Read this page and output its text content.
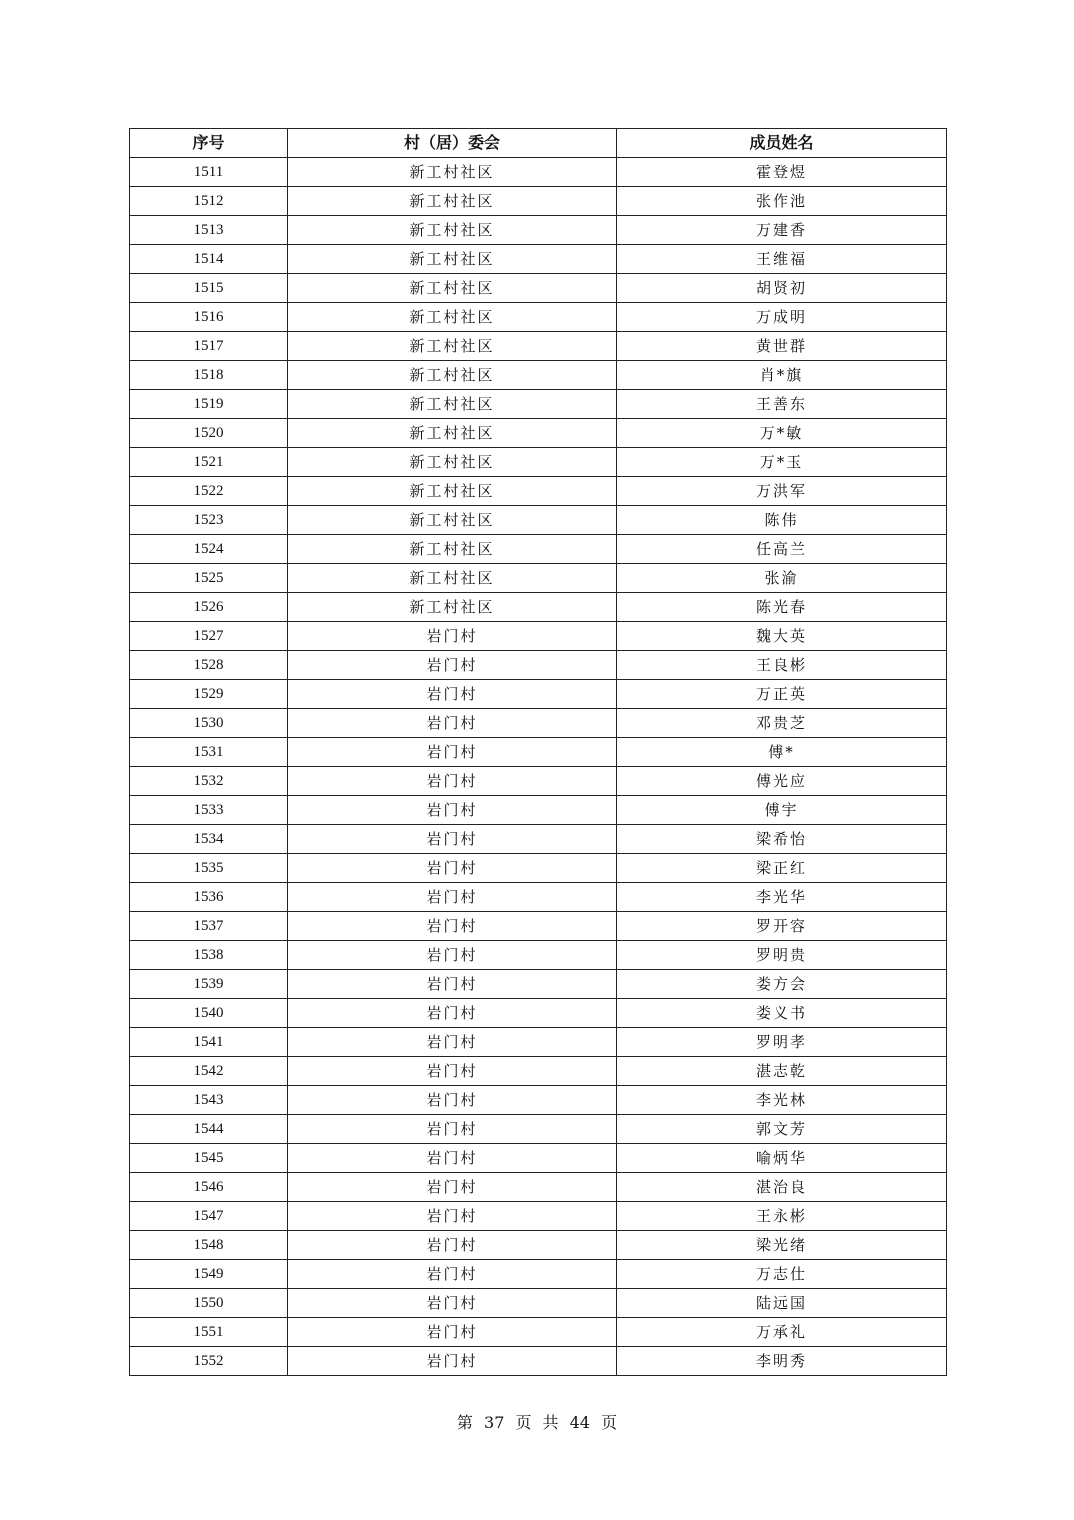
序号	村（居）委会	成员姓名
1511	新工村社区	霍登煜
1512	新工村社区	张作池
1513	新工村社区	万建香
1514	新工村社区	王维福
1515	新工村社区	胡贤初
1516	新工村社区	万成明
1517	新工村社区	黄世群
1518	新工村社区	肖*旗
1519	新工村社区	王善东
1520	新工村社区	万*敏
1521	新工村社区	万*玉
1522	新工村社区	万洪军
1523	新工村社区	陈伟
1524	新工村社区	任高兰
1525	新工村社区	张渝
1526	新工村社区	陈光春
1527	岩门村	魏大英
1528	岩门村	王良彬
1529	岩门村	万正英
1530	岩门村	邓贵芝
1531	岩门村	傅*
1532	岩门村	傅光应
1533	岩门村	傅宇
1534	岩门村	梁希怡
1535	岩门村	梁正红
1536	岩门村	李光华
1537	岩门村	罗开容
1538	岩门村	罗明贵
1539	岩门村	娄方会
1540	岩门村	娄义书
1541	岩门村	罗明孝
1542	岩门村	湛志乾
1543	岩门村	李光林
1544	岩门村	郭文芳
1545	岩门村	喻炳华
1546	岩门村	湛治良
1547	岩门村	王永彬
1548	岩门村	梁光绪
1549	岩门村	万志仕
1550	岩门村	陆远国
1551	岩门村	万承礼
1552	岩门村	李明秀
第 37 页 共 44 页
